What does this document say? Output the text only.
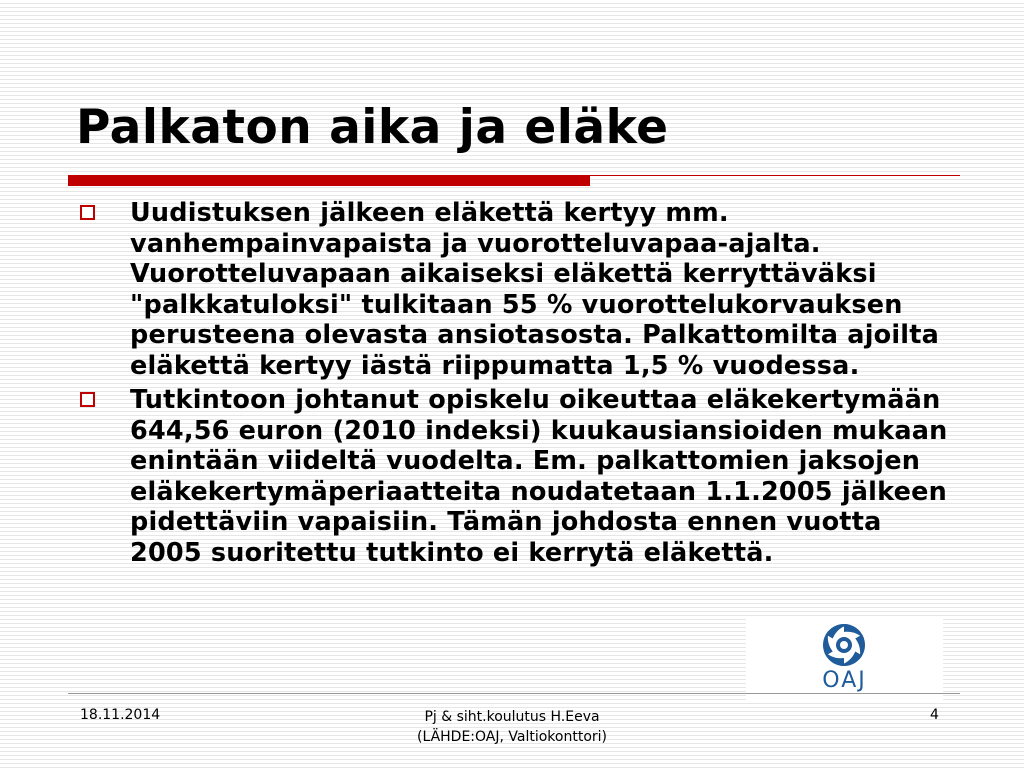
Palkaton aika ja eläke
Uudistuksen jälkeen eläkettä kertyy mm. vanhempainvapaista ja vuorotteluvapaa-ajalta. Vuorotteluvapaan aikaiseksi eläkettä kerryttäväksi "palkkatuloksi" tulkitaan 55 % vuorottelukorvauksen perusteena olevasta ansiotasosta. Palkattomilta ajoilta eläkettä kertyy iästä riippumatta 1,5 % vuodessa.
Tutkintoon johtanut opiskelu oikeuttaa eläkekertymään 644,56 euron (2010 indeksi) kuukausiansioiden mukaan enintään viideltä vuodelta. Em. palkattomien jaksojen eläkekertymäperiaatteita noudatetaan 1.1.2005 jälkeen pidettäviin vapaisiin. Tämän johdosta ennen vuotta 2005 suoritettu tutkinto ei kerrytä eläkettä.
OAJ
18.11.2014	Pj & siht.koulutus H.Eeva
(LÄHDE:OAJ, Valtiokonttori)
4
